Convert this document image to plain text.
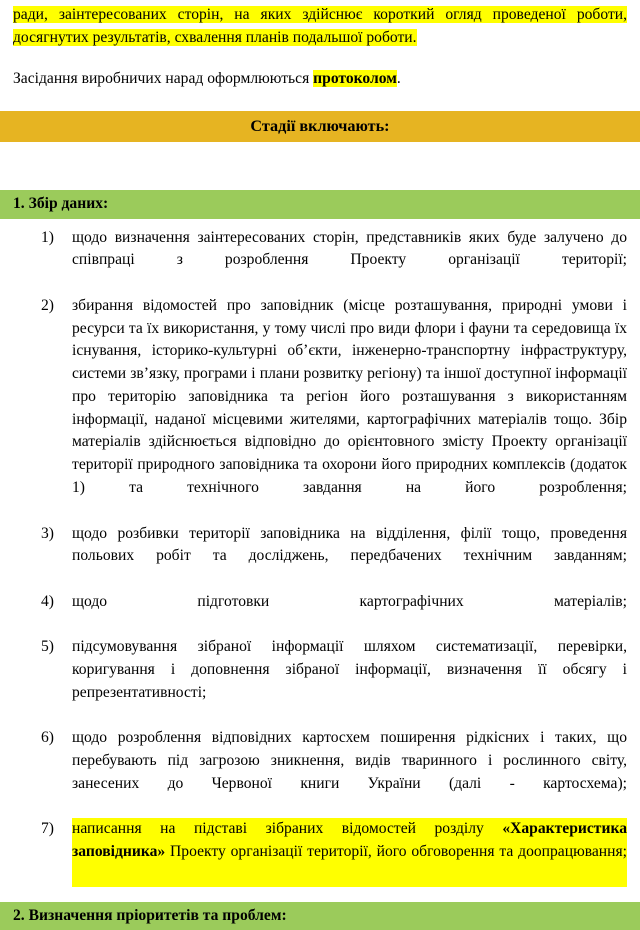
ради, заінтересованих сторін, на яких здійснює короткий огляд проведеної роботи, досягнутих результатів, схвалення планів подальшої роботи.

Засідання виробничих нарад оформлюються протоколом.

Стадії включають:
1. Збір даних:
1)	щодо визначення заінтересованих сторін, представників яких буде залучено до співпраці з розроблення Проекту організації території;
2)	збирання відомостей про заповідник (місце розташування, природні умови і ресурси та їх використання, у тому числі про види флори і фауни та середовища їх існування, історико-культурні об’єкти, інженерно-транспортну інфраструктуру, системи зв’язку, програми і плани розвитку регіону) та іншої доступної інформації про територію заповідника та регіон його розташування з використанням інформації, наданої місцевими жителями, картографічних матеріалів тощо. Збір матеріалів здійснюється відповідно до орієнтовного змісту Проекту організації території природного заповідника та охорони його природних комплексів (додаток 1) та технічного завдання на його розроблення;
3)	щодо розбивки території заповідника на відділення, філії тощо, проведення польових робіт та досліджень, передбачених технічним завданням;
4)	щодо підготовки картографічних матеріалів;
5)	підсумовування зібраної інформації шляхом систематизації, перевірки, коригування і доповнення зібраної інформації, визначення її обсягу і репрезентативності;
6)	щодо розроблення відповідних картосхем поширення рідкісних і таких, що перебувають під загрозою зникнення, видів тваринного і рослинного світу, занесених до Червоної книги України (далі - картосхема);
7)	написання на підставі зібраних відомостей розділу «Характеристика заповідника» Проекту організації території, його обговорення та доопрацювання;
2. Визначення пріоритетів та проблем:
